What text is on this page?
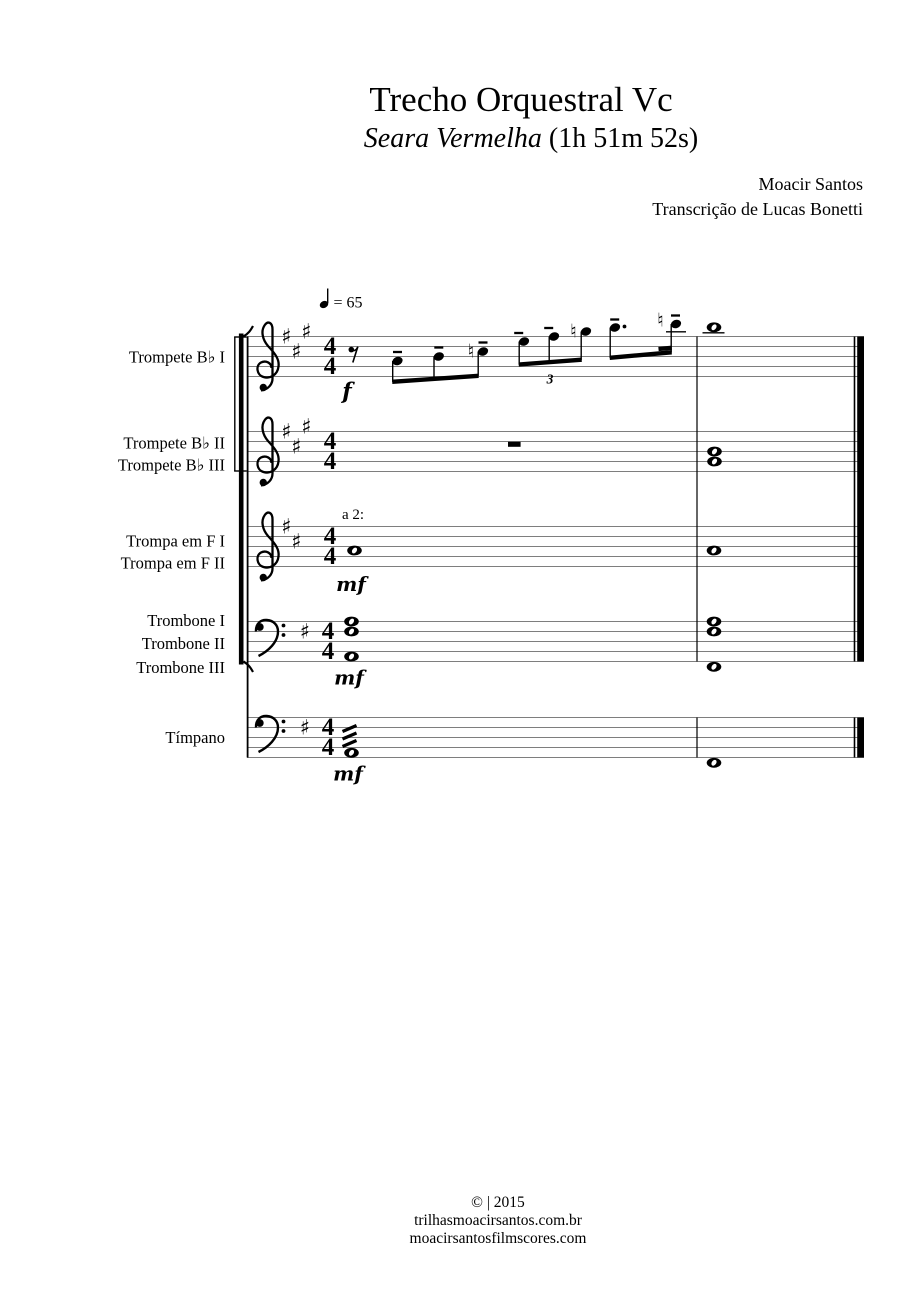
Trecho Orquestral Vc
Seara Vermelha (1h 51m 52s)
Moacir Santos
Transcrição de Lucas Bonetti
♯
♯
♯
♯
♯
♯
♯
♯
♯
♯
4
4
4
4
4
4
4
4
4
4
Trompete B♭ I
Trompete B♭ II
Trompete B♭ III
Trompa em F I
Trompa em F II
Trombone I
Trombone II
Trombone III
Tímpano
= 65
♮
♮
3
♮
f
a 2:
mf
mf
mf
© | 2015
trilhasmoacirsantos.com.br
moacirsantosfilmscores.com
